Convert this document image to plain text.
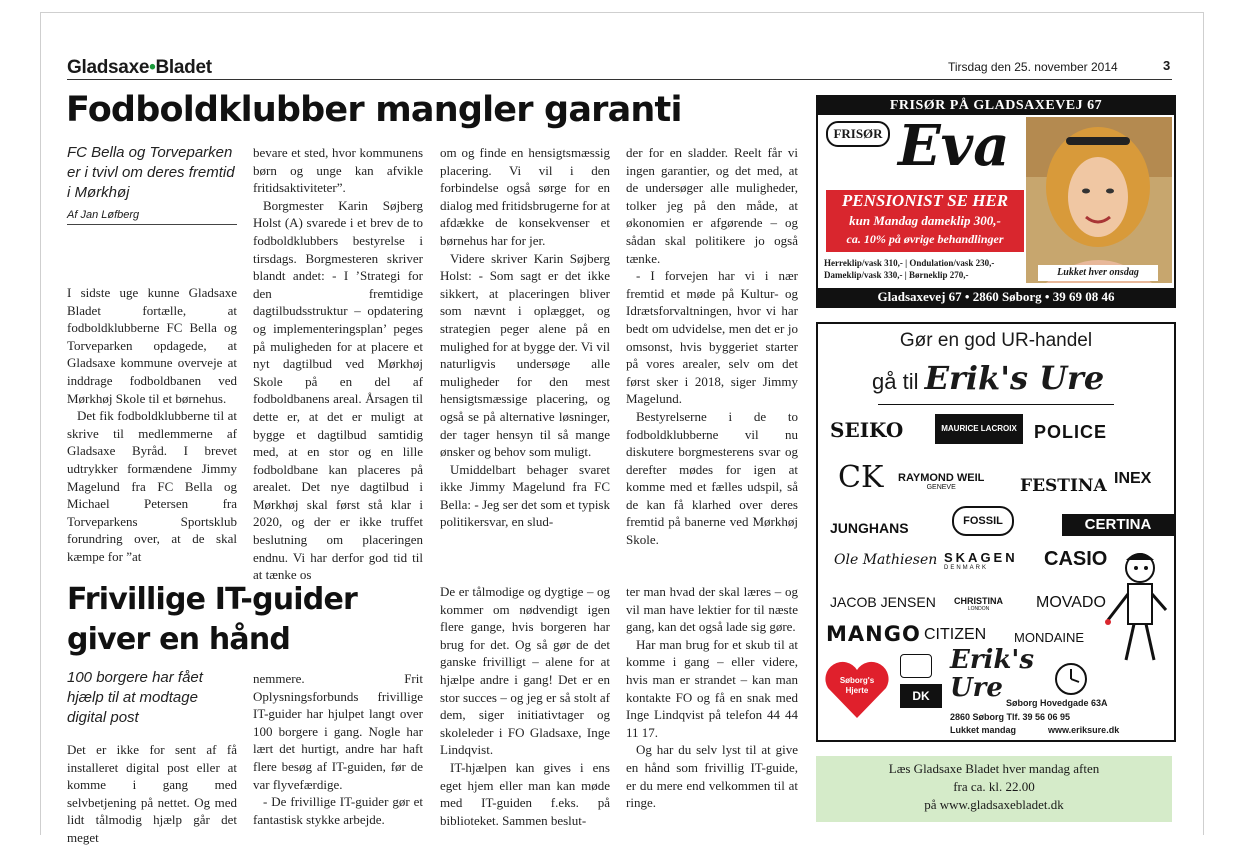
Gladsaxe•Bladet	Tirsdag den 25. november 2014	3
Fodboldklubber mangler garanti
FC Bella og Torveparken er i tvivl om deres fremtid i Mørkhøj
Af Jan Løfberg

I sidste uge kunne Gladsaxe Bladet fortælle, at fodboldklubberne FC Bella og Torveparken opdagede, at Gladsaxe kommune overveje at inddrage fodboldbanen ved Mørkhøj Skole til et børnehus.

Det fik fodboldklubberne til at skrive til medlemmerne af Gladsaxe Byråd. I brevet udtrykker formændene Jimmy Magelund fra FC Bella og Michael Petersen fra Torveparkens Sportsklub forundring over, at de skal kæmpe for ”at

bevare et sted, hvor kommunens børn og unge kan afvikle fritidsaktiviteter”.

Borgmester Karin Søjberg Holst (A) svarede i et brev de to fodboldklubbers bestyrelse i tirsdags. Borgmesteren skriver blandt andet: - I ’Strategi for den fremtidige dagtilbudsstruktur – opdatering og implementeringsplan’ peges på muligheden for at placere et nyt dagtilbud ved Mørkhøj Skole på en del af fodboldbanens areal. Årsagen til dette er, at det er muligt at bygge et dagtilbud samtidig med, at en stor og en lille fodboldbane kan placeres på arealet. Det nye dagtilbud i Mørkhøj skal først stå klar i 2020, og der er ikke truffet beslutning om placeringen endnu. Vi har derfor god tid til at tænke os

om og finde en hensigtsmæssig placering. Vi vil i den forbindelse også sørge for en dialog med fritidsbrugerne for at afdække de konsekvenser et børnehus har for jer.

Videre skriver Karin Søjberg Holst: - Som sagt er det ikke sikkert, at placeringen bliver som nævnt i oplægget, og strategien peger alene på en mulighed for at bygge der. Vi vil naturligvis undersøge alle muligheder for den mest hensigtsmæssige placering, og også se på alternative løsninger, der tager hensyn til så mange ønsker og behov som muligt.

Umiddelbart behager svaret ikke Jimmy Magelund fra FC Bella: - Jeg ser det som et typisk politikersvar, en slud-

der for en sladder. Reelt får vi ingen garantier, og det med, at de undersøger alle muligheder, tolker jeg på den måde, at økonomien er afgørende – og sådan skal politikere jo også tænke.

- I forvejen har vi i nær fremtid et møde på Kultur- og Idrætsforvaltningen, hvor vi har bedt om udvidelse, men det er jo omsonst, hvis byggeriet starter på vores arealer, selv om det først sker i 2018, siger Jimmy Magelund.

Bestyrelserne i de to fodboldklubberne vil nu diskutere borgmesterens svar og derefter mødes for igen at komme med et fælles udspil, så de kan få klarhed over deres fremtid på banerne ved Mørkhøj Skole.

Frivillige IT-guider
giver en hånd
100 borgere har fået hjælp til at modtage digital post

Det er ikke for sent af få installeret digital post eller at komme i gang med selvbetjening på nettet. Og med lidt tålmodig hjælp går det meget

nemmere. Frit Oplysningsforbunds frivillige IT-guider har hjulpet langt over 100 borgere i gang. Nogle har lært det hurtigt, andre har haft flere besøg af IT-guiden, før de var flyvefærdige.

- De frivillige IT-guider gør et fantastisk stykke arbejde.

De er tålmodige og dygtige – og kommer om nødvendigt igen flere gange, hvis borgeren har brug for det. Og så gør de det ganske frivilligt – alene for at hjælpe andre i gang! Det er en stor succes – og jeg er så stolt af dem, siger initiativtager og skoleleder i FO Gladsaxe, Inge Lindqvist.

IT-hjælpen kan gives i ens eget hjem eller man kan møde med IT-guiden f.eks. på biblioteket. Sammen beslut-

ter man hvad der skal læres – og vil man have lektier for til næste gang, kan det også lade sig gøre.

Har man brug for et skub til at komme i gang – eller videre, hvis man er strandet – kan man kontakte FO og få en snak med Inge Lindqvist på telefon 44 44 11 17.

Og har du selv lyst til at give en hånd som frivillig IT-guide, er du mere end velkommen til at ringe.

FRISØR PÅ GLADSAXEVEJ 67
FRISØR Eva
PENSIONIST SE HER
kun Mandag dameklip 300,-
ca. 10% på øvrige behandlinger
Herreklip/vask 310,- | Ondulation/vask 230,-
Dameklip/vask 330,- | Børneklip 270,-	Lukket hver onsdag
Gladsaxevej 67 • 2860 Søborg • 39 69 08 46
Gør en god UR-handel
gå til Erik's Ure
SEIKO	MAURICE LACROIX POLICE
CK RAYMOND WEIL
GENEVE	FESTINA INEX
JUNGHANS	FOSSIL	CERTINA
Ole Mathiesen SKAGEN
DENMARK	CASIO
JACOB JENSEN CHRISTINA
LONDON	MOVADO
MANGO CITIZEN MONDAINE
Søborg's Hjerte	DK
Erik's Ure Søborg Hovedgade 63A
2860 Søborg Tlf. 39 56 06 95
Lukket mandag	www.eriksure.dk
Læs Gladsaxe Bladet hver mandag aften
fra ca. kl. 22.00
på www.gladsaxebladet.dk
